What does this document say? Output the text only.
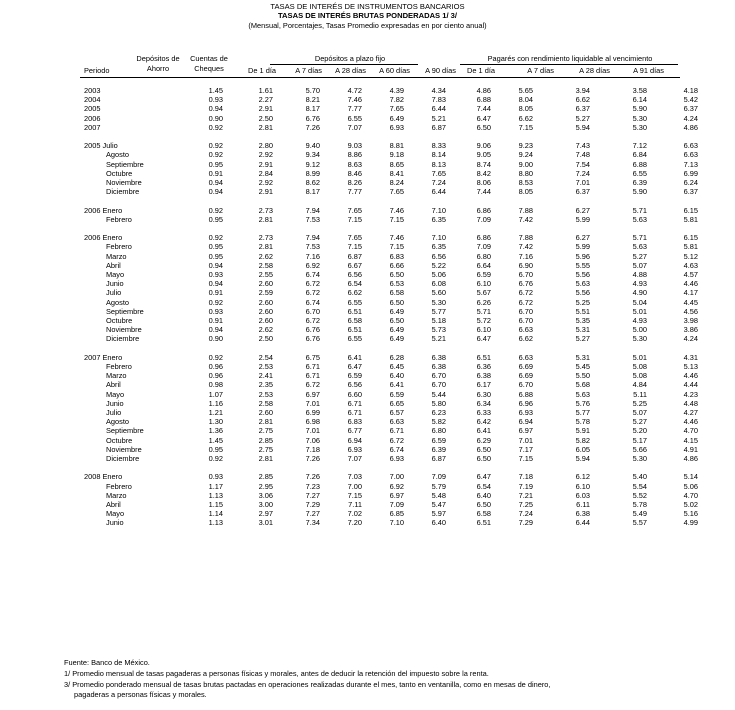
TASAS DE INTERÉS DE INSTRUMENTOS BANCARIOS
TASAS DE INTERÉS BRUTAS PONDERADAS 1/ 3/
(Mensual, Porcentajes, Tasas Promedio expresadas en por ciento anual)
Depósitos de
Ahorro
Cuentas de
Cheques
Depósitos a plazo fijo	Pagarés con rendimiento liquidable al vencimiento
Periodo	De 1 día	A 7 días	A 28 días	A 60 días	A 90 días	De 1 día	A 7 días	A 28 días	A 91 días
	2003	1.45	1.61	5.70	4.72	4.39	4.34	4.86	5.65	3.94	3.58	4.18	
	2004	0.93	2.27	8.21	7.46	7.82	7.83	6.88	8.04	6.62	6.14	5.42	
	2005	0.94	2.91	8.17	7.77	7.65	6.44	7.44	8.05	6.37	5.90	6.37	
	2006	0.90	2.50	6.76	6.55	6.49	5.21	6.47	6.62	5.27	5.30	4.24	
	2007	0.92	2.81	7.26	7.07	6.93	6.87	6.50	7.15	5.94	5.30	4.86	

	2005 Julio	0.92	2.80	9.40	9.03	8.81	8.33	9.06	9.23	7.43	7.12	6.63	
	Agosto	0.92	2.92	9.34	8.86	9.18	8.14	9.05	9.24	7.48	6.84	6.63	
	Septiembre	0.95	2.91	9.12	8.63	8.65	8.13	8.74	9.00	7.54	6.88	7.13	
	Octubre	0.91	2.84	8.99	8.46	8.41	7.65	8.42	8.80	7.24	6.55	6.99	
	Noviembre	0.94	2.92	8.62	8.26	8.24	7.24	8.06	8.53	7.01	6.39	6.24	
	Diciembre	0.94	2.91	8.17	7.77	7.65	6.44	7.44	8.05	6.37	5.90	6.37	

	2006 Enero	0.92	2.73	7.94	7.65	7.46	7.10	6.86	7.88	6.27	5.71	6.15	
	Febrero	0.95	2.81	7.53	7.15	7.15	6.35	7.09	7.42	5.99	5.63	5.81	

	2006 Enero	0.92	2.73	7.94	7.65	7.46	7.10	6.86	7.88	6.27	5.71	6.15	
	Febrero	0.95	2.81	7.53	7.15	7.15	6.35	7.09	7.42	5.99	5.63	5.81	
	Marzo	0.95	2.62	7.16	6.87	6.83	6.56	6.80	7.16	5.96	5.27	5.12	
	Abril	0.94	2.58	6.92	6.67	6.66	5.22	6.64	6.90	5.55	5.07	4.63	
	Mayo	0.93	2.55	6.74	6.56	6.50	5.06	6.59	6.70	5.56	4.88	4.57	
	Junio	0.94	2.60	6.72	6.54	6.53	6.08	6.10	6.76	5.63	4.93	4.46	
	Julio	0.91	2.59	6.72	6.62	6.58	5.60	5.67	6.72	5.56	4.90	4.17	
	Agosto	0.92	2.60	6.74	6.55	6.50	5.30	6.26	6.72	5.25	5.04	4.45	
	Septiembre	0.93	2.60	6.70	6.51	6.49	5.77	5.71	6.70	5.51	5.01	4.56	
	Octubre	0.91	2.60	6.72	6.58	6.50	5.18	5.72	6.70	5.35	4.93	3.98	
	Noviembre	0.94	2.62	6.76	6.51	6.49	5.73	6.10	6.63	5.31	5.00	3.86	
	Diciembre	0.90	2.50	6.76	6.55	6.49	5.21	6.47	6.62	5.27	5.30	4.24	

	2007 Enero	0.92	2.54	6.75	6.41	6.28	6.38	6.51	6.63	5.31	5.01	4.31	
	Febrero	0.96	2.53	6.71	6.47	6.45	6.38	6.36	6.69	5.45	5.08	5.13	
	Marzo	0.96	2.41	6.71	6.59	6.40	6.70	6.38	6.69	5.50	5.08	4.46	
	Abril	0.98	2.35	6.72	6.56	6.41	6.70	6.17	6.70	5.68	4.84	4.44	
	Mayo	1.07	2.53	6.97	6.60	6.59	5.44	6.30	6.88	5.63	5.11	4.23	
	Junio	1.16	2.58	7.01	6.71	6.65	5.80	6.34	6.96	5.76	5.25	4.48	
	Julio	1.21	2.60	6.99	6.71	6.57	6.23	6.33	6.93	5.77	5.07	4.27	
	Agosto	1.30	2.81	6.98	6.83	6.63	5.82	6.42	6.94	5.78	5.27	4.46	
	Septiembre	1.36	2.75	7.01	6.77	6.71	6.80	6.41	6.97	5.91	5.20	4.70	
	Octubre	1.45	2.85	7.06	6.94	6.72	6.59	6.29	7.01	5.82	5.17	4.15	
	Noviembre	0.95	2.75	7.18	6.93	6.74	6.39	6.50	7.17	6.05	5.66	4.91	
	Diciembre	0.92	2.81	7.26	7.07	6.93	6.87	6.50	7.15	5.94	5.30	4.86	

	2008 Enero	0.93	2.85	7.26	7.03	7.00	7.09	6.47	7.18	6.12	5.40	5.14	
	Febrero	1.17	2.95	7.23	7.00	6.92	5.79	6.54	7.19	6.10	5.54	5.06	
	Marzo	1.13	3.06	7.27	7.15	6.97	5.48	6.40	7.21	6.03	5.52	4.70	
	Abril	1.15	3.00	7.29	7.11	7.09	5.47	6.50	7.25	6.11	5.78	5.02	
	Mayo	1.14	2.97	7.27	7.02	6.85	5.97	6.58	7.24	6.38	5.49	5.16	
	Junio	1.13	3.01	7.34	7.20	7.10	6.40	6.51	7.29	6.44	5.57	4.99	
Fuente: Banco de México.
1/ Promedio mensual de tasas pagaderas a personas físicas y morales, antes de deducir la retención del impuesto sobre la renta.
3/ Promedio ponderado mensual de tasas brutas pactadas en operaciones realizadas durante el mes, tanto en ventanilla, como en mesas de dinero,
pagaderas a personas físicas y morales.
